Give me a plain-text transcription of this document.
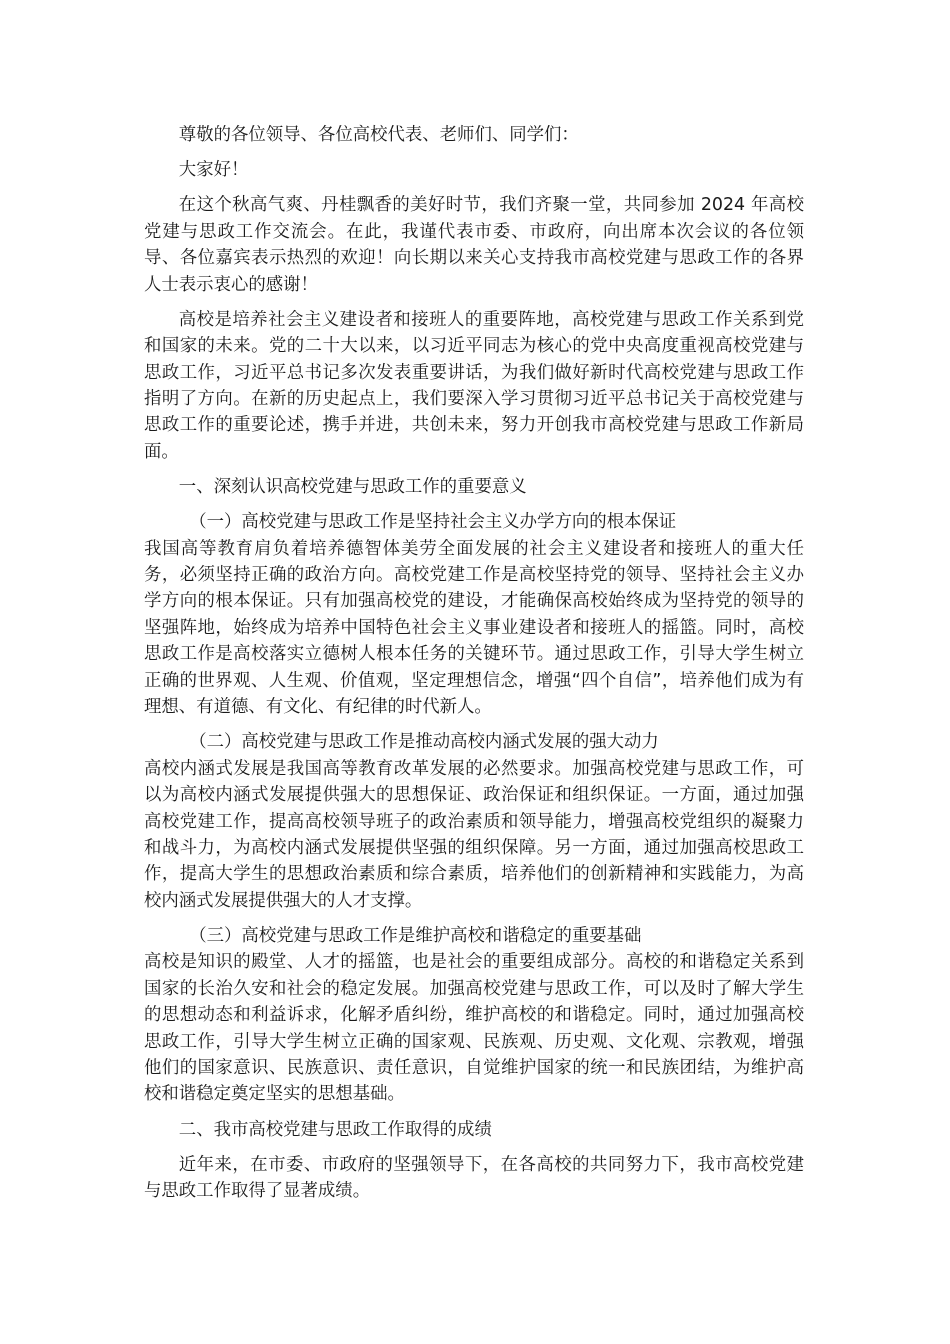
尊敬的各位领导、各位高校代表、老师们、同学们：

大家好！

在这个秋高气爽、丹桂飘香的美好时节，我们齐聚一堂，共同参加 2024 年高校党建与思政工作交流会。在此，我谨代表市委、市政府，向出席本次会议的各位领导、各位嘉宾表示热烈的欢迎！向长期以来关心支持我市高校党建与思政工作的各界人士表示衷心的感谢！

高校是培养社会主义建设者和接班人的重要阵地，高校党建与思政工作关系到党和国家的未来。党的二十大以来，以习近平同志为核心的党中央高度重视高校党建与思政工作，习近平总书记多次发表重要讲话，为我们做好新时代高校党建与思政工作指明了方向。在新的历史起点上，我们要深入学习贯彻习近平总书记关于高校党建与思政工作的重要论述，携手并进，共创未来，努力开创我市高校党建与思政工作新局面。

一、深刻认识高校党建与思政工作的重要意义

（一）高校党建与思政工作是坚持社会主义办学方向的根本保证

我国高等教育肩负着培养德智体美劳全面发展的社会主义建设者和接班人的重大任务，必须坚持正确的政治方向。高校党建工作是高校坚持党的领导、坚持社会主义办学方向的根本保证。只有加强高校党的建设，才能确保高校始终成为坚持党的领导的坚强阵地，始终成为培养中国特色社会主义事业建设者和接班人的摇篮。同时，高校思政工作是高校落实立德树人根本任务的关键环节。通过思政工作，引导大学生树立正确的世界观、人生观、价值观，坚定理想信念，增强“四个自信”，培养他们成为有理想、有道德、有文化、有纪律的时代新人。

（二）高校党建与思政工作是推动高校内涵式发展的强大动力

高校内涵式发展是我国高等教育改革发展的必然要求。加强高校党建与思政工作，可以为高校内涵式发展提供强大的思想保证、政治保证和组织保证。一方面，通过加强高校党建工作，提高高校领导班子的政治素质和领导能力，增强高校党组织的凝聚力和战斗力，为高校内涵式发展提供坚强的组织保障。另一方面，通过加强高校思政工作，提高大学生的思想政治素质和综合素质，培养他们的创新精神和实践能力，为高校内涵式发展提供强大的人才支撑。

（三）高校党建与思政工作是维护高校和谐稳定的重要基础

高校是知识的殿堂、人才的摇篮，也是社会的重要组成部分。高校的和谐稳定关系到国家的长治久安和社会的稳定发展。加强高校党建与思政工作，可以及时了解大学生的思想动态和利益诉求，化解矛盾纠纷，维护高校的和谐稳定。同时，通过加强高校思政工作，引导大学生树立正确的国家观、民族观、历史观、文化观、宗教观，增强他们的国家意识、民族意识、责任意识，自觉维护国家的统一和民族团结，为维护高校和谐稳定奠定坚实的思想基础。

二、我市高校党建与思政工作取得的成绩

近年来，在市委、市政府的坚强领导下，在各高校的共同努力下，我市高校党建与思政工作取得了显著成绩。
